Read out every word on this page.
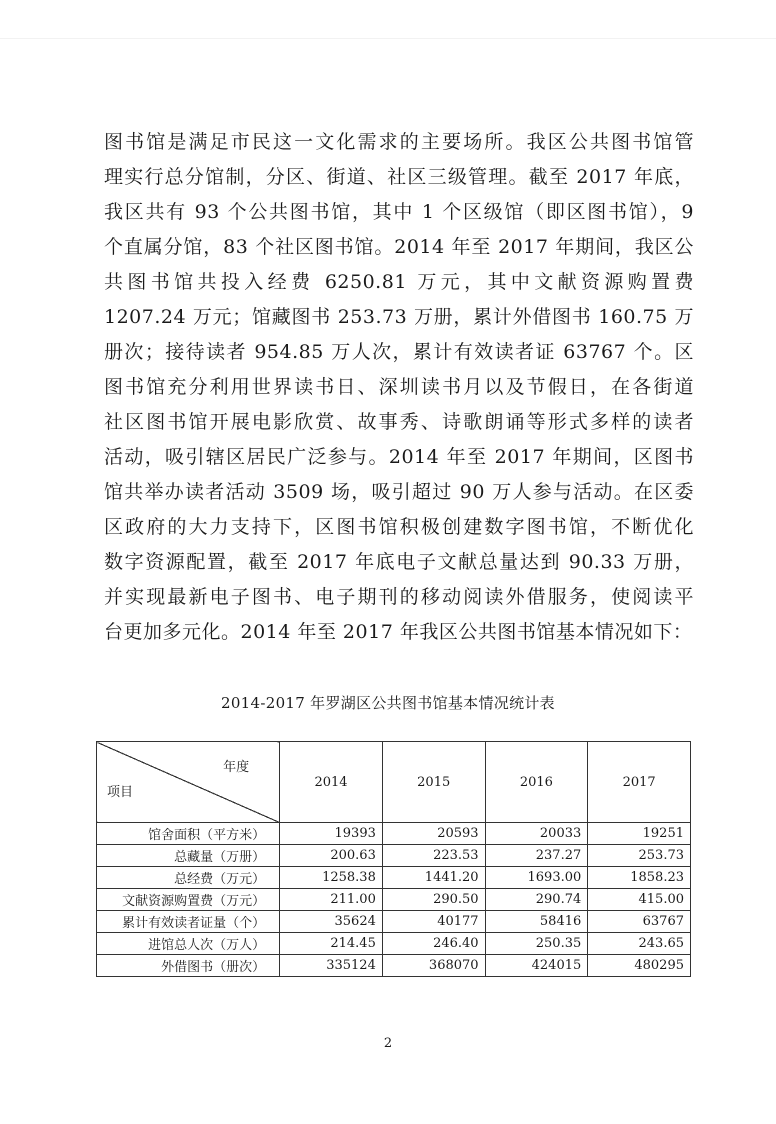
图书馆是满足市民这一文化需求的主要场所。我区公共图书馆管
理实行总分馆制，分区、街道、社区三级管理。截至 2017 年底，
我区共有 93 个公共图书馆，其中 1 个区级馆（即区图书馆），9
个直属分馆，83 个社区图书馆。2014 年至 2017 年期间，我区公
共图书馆共投入经费 6250.81 万元，其中文献资源购置费
1207.24 万元；馆藏图书 253.73 万册，累计外借图书 160.75 万
册次；接待读者 954.85 万人次，累计有效读者证 63767 个。区
图书馆充分利用世界读书日、深圳读书月以及节假日，在各街道
社区图书馆开展电影欣赏、故事秀、诗歌朗诵等形式多样的读者
活动，吸引辖区居民广泛参与。2014 年至 2017 年期间，区图书
馆共举办读者活动 3509 场，吸引超过 90 万人参与活动。在区委
区政府的大力支持下，区图书馆积极创建数字图书馆，不断优化
数字资源配置，截至 2017 年底电子文献总量达到 90.33 万册，
并实现最新电子图书、电子期刊的移动阅读外借服务，使阅读平
台更加多元化。2014 年至 2017 年我区公共图书馆基本情况如下：
2014-2017 年罗湖区公共图书馆基本情况统计表
年度
项目	2014	2015	2016	2017
馆舍面积（平方米）	19393	20593	20033	19251
总藏量（万册）	200.63	223.53	237.27	253.73
总经费（万元）	1258.38	1441.20	1693.00	1858.23
文献资源购置费（万元）	211.00	290.50	290.74	415.00
累计有效读者证量（个）	35624	40177	58416	63767
进馆总人次（万人）	214.45	246.40	250.35	243.65
外借图书（册次）	335124	368070	424015	480295
2
